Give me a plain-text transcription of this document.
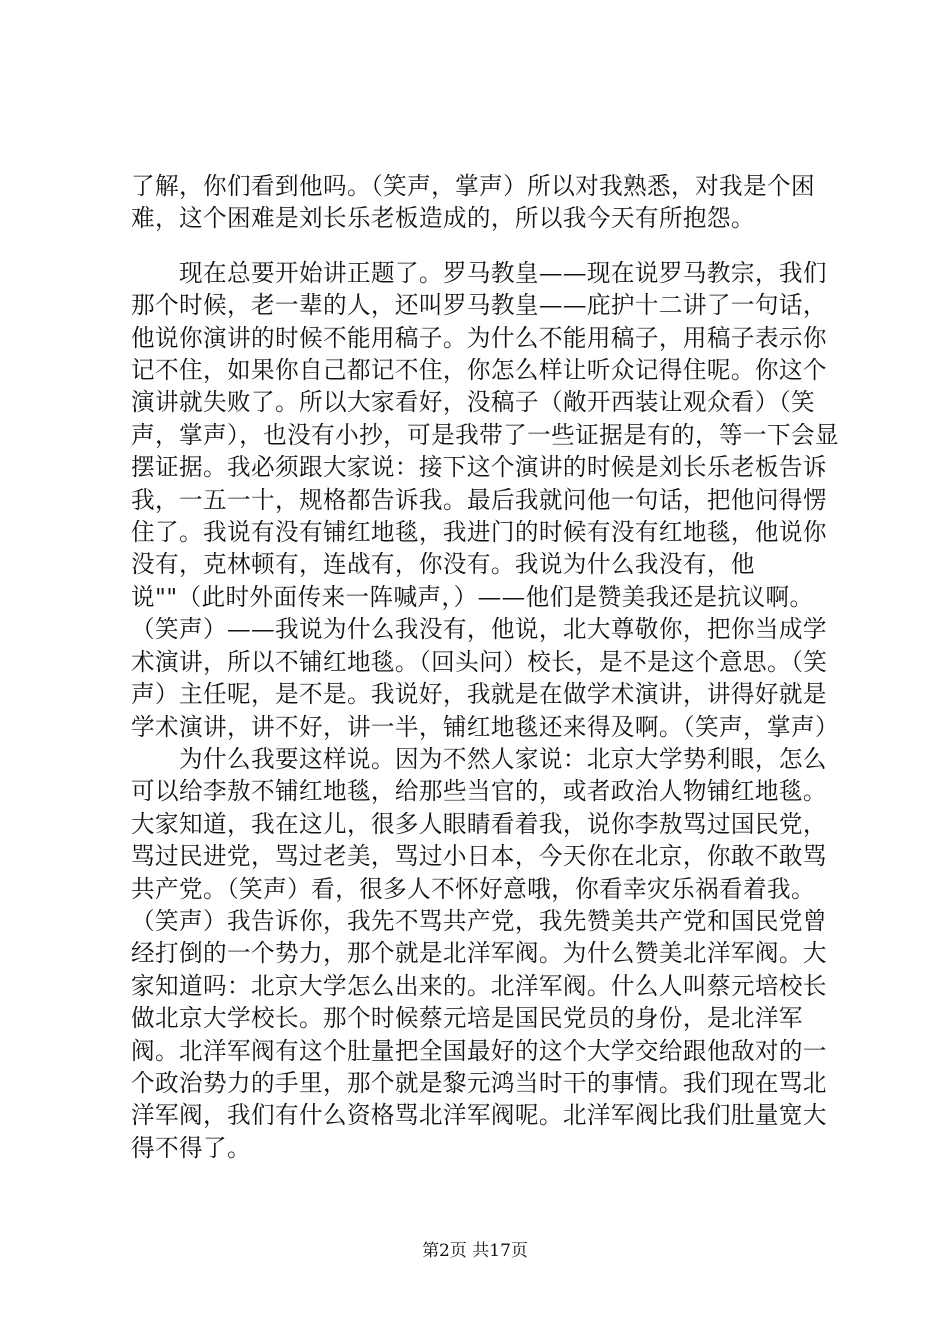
了解，你们看到他吗。（笑声，掌声）所以对我熟悉，对我是个困难，这个困难是刘长乐老板造成的，所以我今天有所抱怨。

现在总要开始讲正题了。罗马教皇——现在说罗马教宗，我们那个时候，老一辈的人，还叫罗马教皇——庇护十二讲了一句话，他说你演讲的时候不能用稿子。为什么不能用稿子，用稿子表示你记不住，如果你自己都记不住，你怎么样让听众记得住呢。你这个演讲就失败了。所以大家看好，没稿子（敞开西装让观众看）（笑声，掌声），也没有小抄，可是我带了一些证据是有的，等一下会显摆证据。我必须跟大家说：接下这个演讲的时候是刘长乐老板告诉我，一五一十，规格都告诉我。最后我就问他一句话，把他问得愣住了。我说有没有铺红地毯，我进门的时候有没有红地毯，他说你没有，克林顿有，连战有，你没有。我说为什么我没有，他说""（此时外面传来一阵喊声，）——他们是赞美我还是抗议啊。（笑声）——我说为什么我没有，他说，北大尊敬你，把你当成学术演讲，所以不铺红地毯。（回头问）校长，是不是这个意思。（笑声）主任呢，是不是。我说好，我就是在做学术演讲，讲得好就是学术演讲，讲不好，讲一半，铺红地毯还来得及啊。（笑声，掌声）

为什么我要这样说。因为不然人家说：北京大学势利眼，怎么可以给李敖不铺红地毯，给那些当官的，或者政治人物铺红地毯。大家知道，我在这儿，很多人眼睛看着我，说你李敖骂过国民党，骂过民进党，骂过老美，骂过小日本，今天你在北京，你敢不敢骂共产党。（笑声）看，很多人不怀好意哦，你看幸灾乐祸看着我。（笑声）我告诉你，我先不骂共产党，我先赞美共产党和国民党曾经打倒的一个势力，那个就是北洋军阀。为什么赞美北洋军阀。大家知道吗：北京大学怎么出来的。北洋军阀。什么人叫蔡元培校长做北京大学校长。那个时候蔡元培是国民党员的身份，是北洋军阀。北洋军阀有这个肚量把全国最好的这个大学交给跟他敌对的一个政治势力的手里，那个就是黎元鸿当时干的事情。我们现在骂北洋军阀，我们有什么资格骂北洋军阀呢。北洋军阀比我们肚量宽大得不得了。

第2页 共17页
